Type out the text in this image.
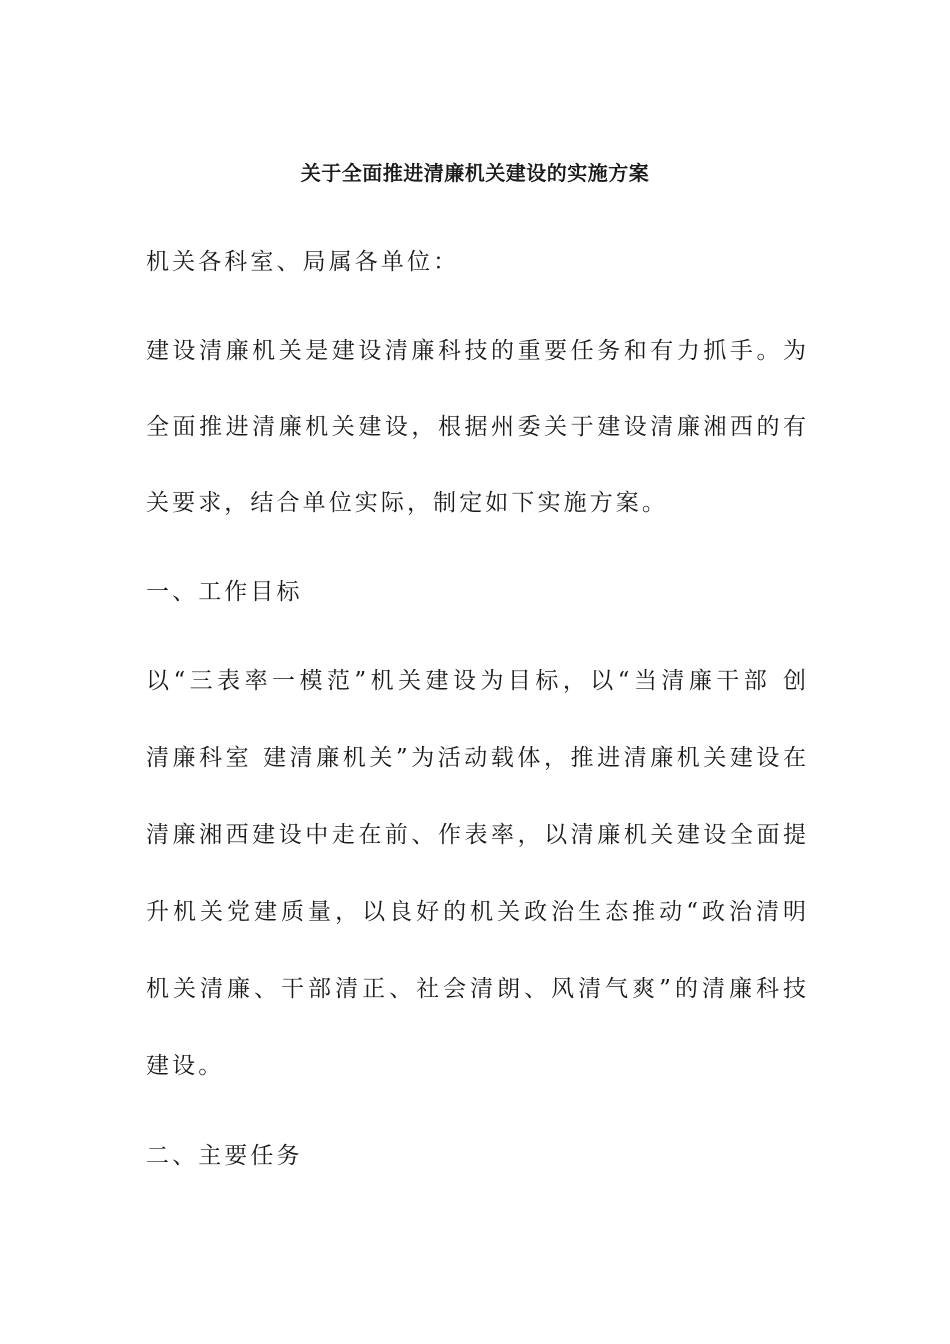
关于全面推进清廉机关建设的实施方案
机关各科室、局属各单位：
建设清廉机关是建设清廉科技的重要任务和有力抓手。为
全面推进清廉机关建设，根据州委关于建设清廉湘西的有
关要求，结合单位实际，制定如下实施方案。
一、工作目标
以“三表率一模范”机关建设为目标，以“当清廉干部 创
清廉科室 建清廉机关”为活动载体，推进清廉机关建设在
清廉湘西建设中走在前、作表率，以清廉机关建设全面提
升机关党建质量，以良好的机关政治生态推动“政治清明
机关清廉、干部清正、社会清朗、风清气爽”的清廉科技
建设。
二、主要任务
